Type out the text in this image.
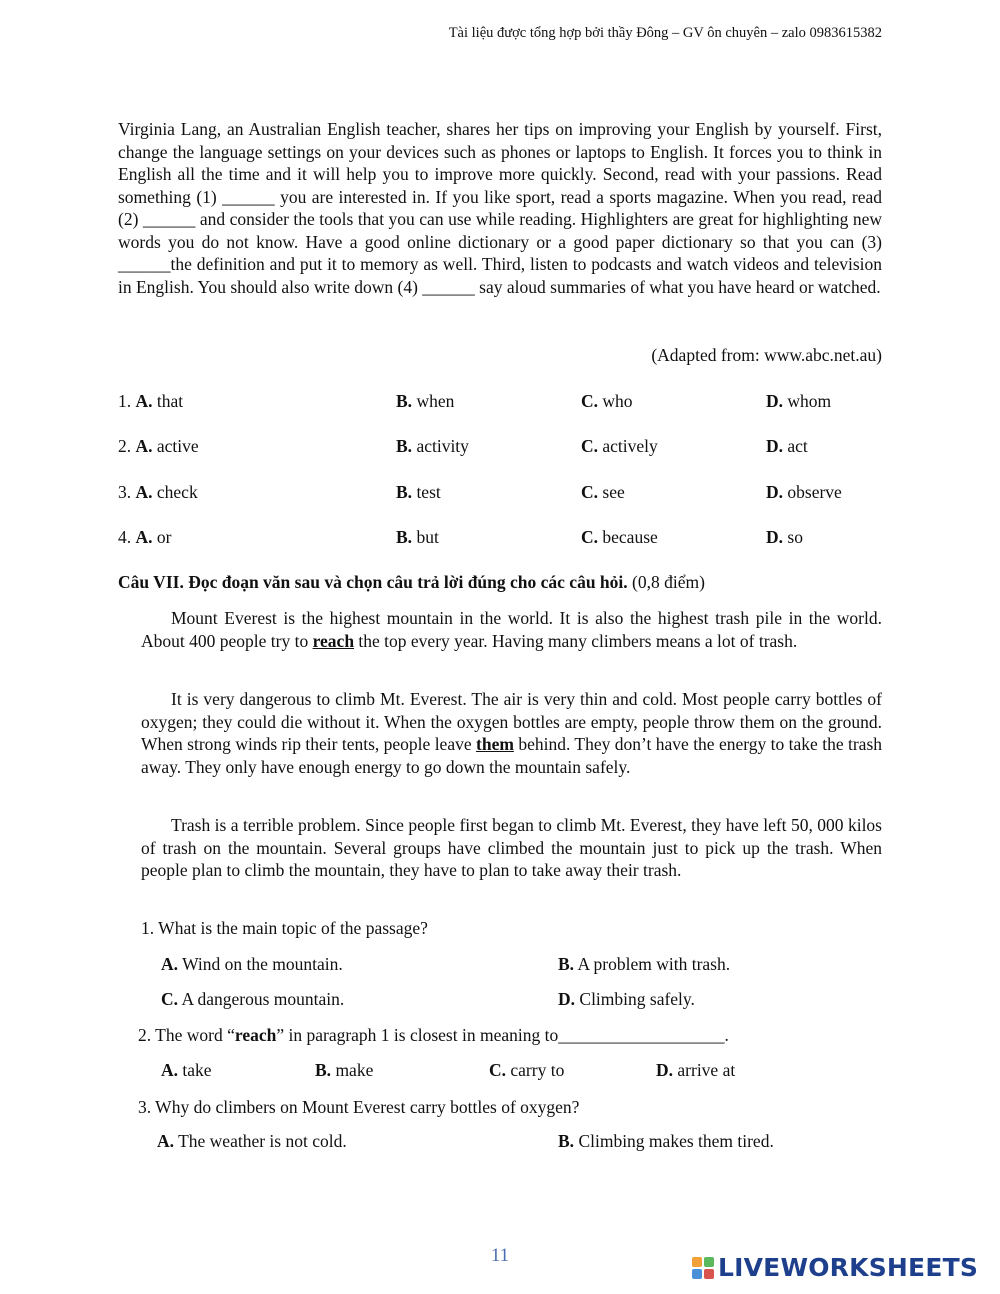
Tài liệu được tổng hợp bởi thầy Đông – GV ôn chuyên – zalo 0983615382

Virginia Lang, an Australian English teacher, shares her tips on improving your English by yourself. First, change the language settings on your devices such as phones or laptops to English. It forces you to think in English all the time and it will help you to improve more quickly. Second, read with your passions. Read something (1) ______ you are interested in. If you like sport, read a sports magazine. When you read, read (2) ______ and consider the tools that you can use while reading. Highlighters are great for highlighting new words you do not know. Have a good online dictionary or a good paper dictionary so that you can (3) ______the definition and put it to memory as well. Third, listen to podcasts and watch videos and television in English. You should also write down (4) ______ say aloud summaries of what you have heard or watched.

(Adapted from: www.abc.net.au)
1. A. that	B. when	C. who	D. whom
2. A. active	B. activity	C. actively	D. act
3. A. check	B. test	C. see	D. observe
4. A. or	B. but	C. because	D. so
Câu VII. Đọc đoạn văn sau và chọn câu trả lời đúng cho các câu hỏi. (0,8 điểm)

Mount Everest is the highest mountain in the world. It is also the highest trash pile in the world. About 400 people try to reach the top every year. Having many climbers means a lot of trash.

It is very dangerous to climb Mt. Everest. The air is very thin and cold. Most people carry bottles of oxygen; they could die without it. When the oxygen bottles are empty, people throw them on the ground. When strong winds rip their tents, people leave them behind. They don’t have the energy to take the trash away. They only have enough energy to go down the mountain safely.

Trash is a terrible problem. Since people first began to climb Mt. Everest, they have left 50, 000 kilos of trash on the mountain. Several groups have climbed the mountain just to pick up the trash. When people plan to climb the mountain, they have to plan to take away their trash.

1. What is the main topic of the passage?
A. Wind on the mountain.	B. A problem with trash.
C. A dangerous mountain.	D. Climbing safely.
2. The word “reach” in paragraph 1 is closest in meaning to___________________.
A. take	B. make	C. carry to	D. arrive at
3. Why do climbers on Mount Everest carry bottles of oxygen?
A. The weather is not cold.	B. Climbing makes them tired.
11	LIVEWORKSHEETS
